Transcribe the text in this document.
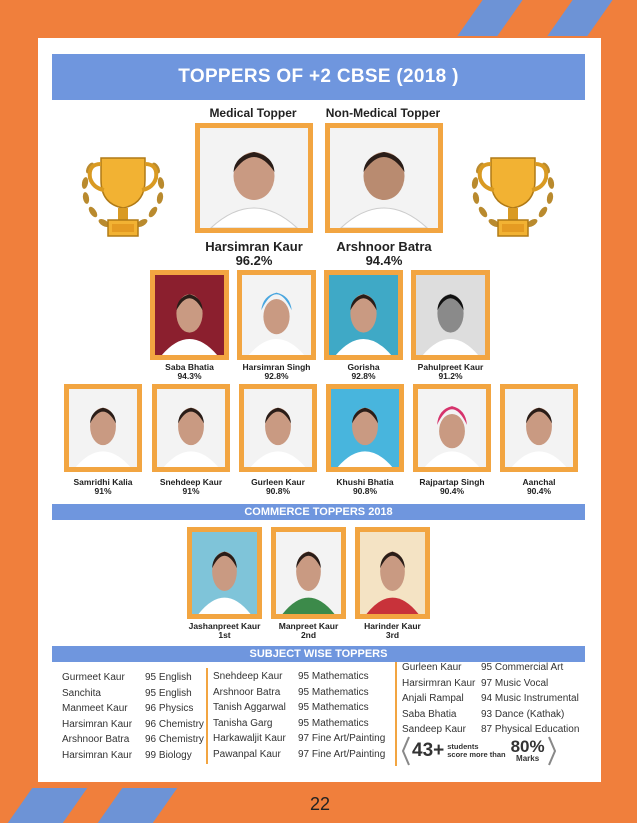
TOPPERS OF +2 CBSE (2018 )
Medical Topper	Non-Medical Topper
Harsimran Kaur
96.2%
Arshnoor Batra
94.4%
Saba Bhatia
94.3%
Harsimran Singh
92.8%
Gorisha
92.8%
Pahulpreet Kaur
91.2%
Samridhi Kalia
91%
Snehdeep Kaur
91%
Gurleen Kaur
90.8%
Khushi Bhatia
90.8%
Rajpartap Singh
90.4%
Aanchal
90.4%
COMMERCE TOPPERS 2018
Jashanpreet Kaur
1st
Manpreet Kaur
2nd
Harinder Kaur
3rd
SUBJECT WISE TOPPERS
Gurmeet Kaur 95 English
Sanchita	95 English
Manmeet Kaur 96 Physics
Harsimran Kaur 96 Chemistry
Arshnoor Batra 96 Chemistry
Harsimran Kaur 99 Biology
Snehdeep Kaur 95 Mathematics
Arshnoor Batra 95 Mathematics
Tanish Aggarwal 95 Mathematics
Tanisha Garg	95 Mathematics
Harkawaljit Kaur 97 Fine Art/Painting
Pawanpal Kaur 97 Fine Art/Painting
Gurleen Kaur 95 Commercial Art
Harsirmran Kaur 97 Music Vocal
Anjali Rampal 94 Music Instrumental
Saba Bhatia 93 Dance (Kathak)
Sandeep Kaur 87 Physical Education
43+ students
score more than 80%
Marks
22
